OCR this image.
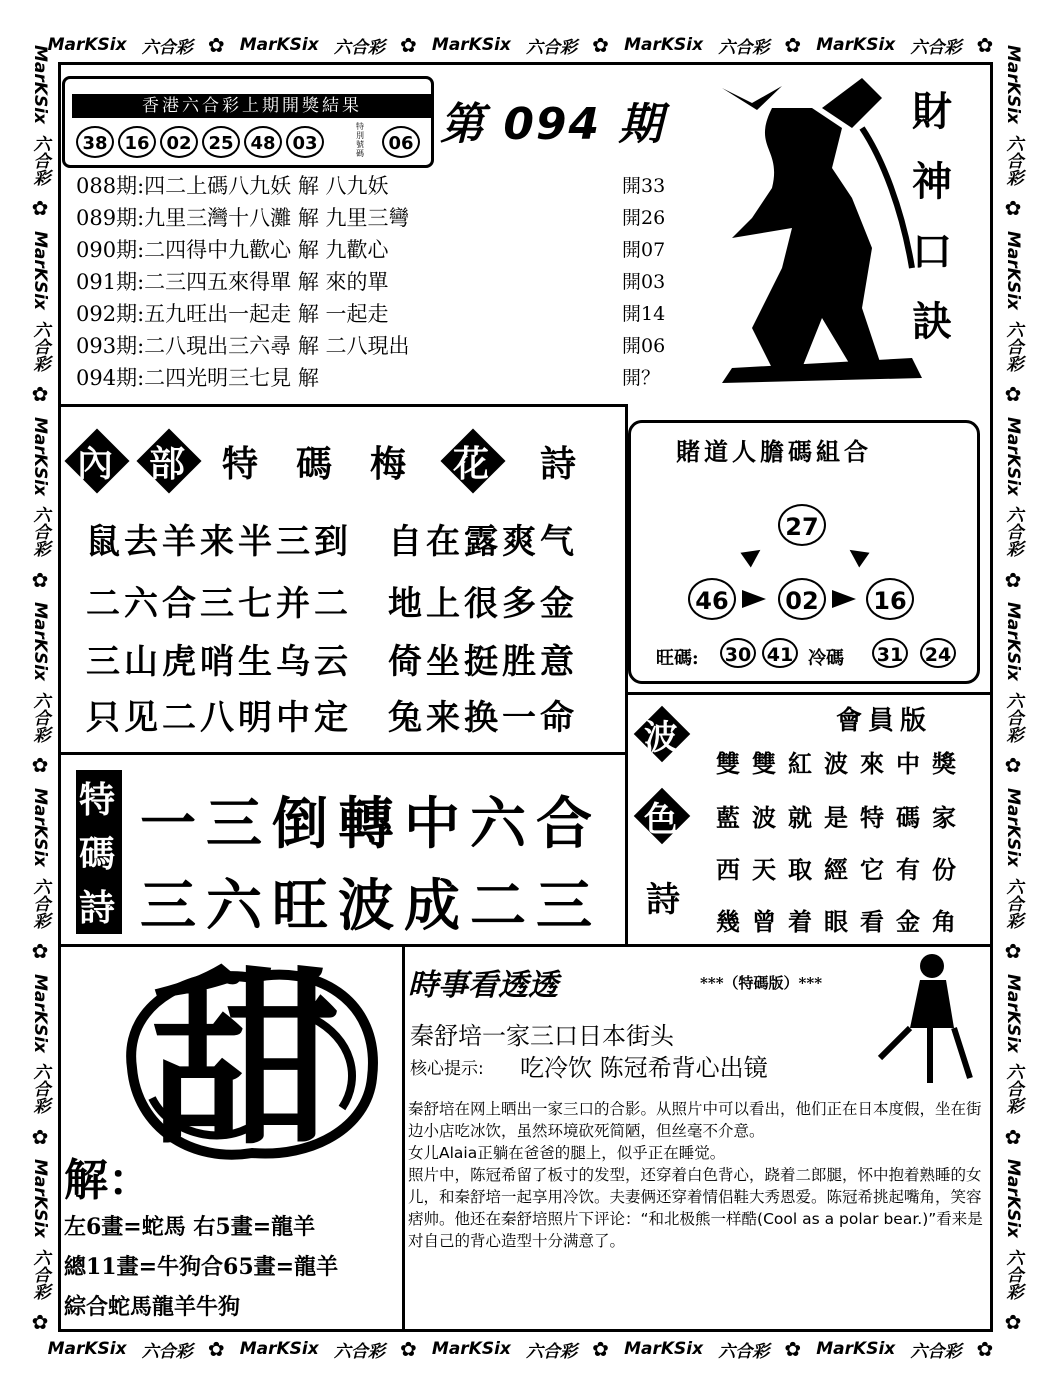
MarKSix 六合彩 ✿ MarKSix 六合彩 ✿ MarKSix 六合彩 ✿ MarKSix 六合彩 ✿ MarKSix 六合彩 ✿
MarKSix 六合彩 ✿ MarKSix 六合彩 ✿ MarKSix 六合彩 ✿ MarKSix 六合彩 ✿ MarKSix 六合彩 ✿
MarKSix
六合彩
✿
MarKSix
六合彩
✿
MarKSix
六合彩
✿
MarKSix
六合彩
✿
MarKSix
六合彩
✿
MarKSix
六合彩
✿
MarKSix
六合彩
✿
MarKSix
六合彩
✿
MarKSix
六合彩
✿
MarKSix
六合彩
✿
MarKSix
六合彩
✿
MarKSix
六合彩
✿
MarKSix
六合彩
✿
MarKSix
六合彩
✿
香港六合彩上期開獎結果
38 16 02 25 48 03
特別號碼	06 第 094 期
088期:四二上碼八九妖 解 八九妖	開33
089期:九里三灣十八灘 解 九里三彎	開26
090期:二四得中九歡心 解 九歡心	開07
091期:二三四五來得單 解 來的單	開03
092期:五九旺出一起走 解 一起走	開14
093期:二八現出三六尋 解 二八現出	開06
094期:二四光明三七見 解	開？
財
神
口
訣
內 部 特 碼 梅 花 詩
鼠去羊来半三到 自在露爽气
二六合三七并二 地上很多金
三山虎哨生乌云 倚坐挺胜意
只见二八明中定 兔来换一命
賭道人膽碼組合
27
46	02	16
旺碼: 30 41 冷碼 31 24
特
碼
詩
一三倒轉中六合
三六旺波成二三
波
色
詩
會員版
雙雙紅波來中獎
藍波就是特碼家
西天取經它有份
幾曾着眼看金角
甜
解：
左6畫=蛇馬 右5畫=龍羊
總11畫=牛狗合65畫=龍羊
綜合蛇馬龍羊牛狗
時事看透透	***（特碼版）***
秦舒培一家三口日本街头
核心提示: 吃冷饮 陈冠希背心出镜
秦舒培在网上晒出一家三口的合影。从照片中可以看出，他们正在日本度假，坐在街边小店吃冰饮，虽然环境砍死简陋，但丝毫不介意。
女儿Alaia正躺在爸爸的腿上，似乎正在睡觉。
照片中，陈冠希留了板寸的发型，还穿着白色背心，跷着二郎腿，怀中抱着熟睡的女儿，和秦舒培一起享用冷饮。夫妻俩还穿着情侣鞋大秀恩爱。陈冠希挑起嘴角，笑容痞帅。他还在秦舒培照片下评论：“和北极熊一样酷(Cool as a polar bear.)”看来是对自己的背心造型十分满意了。
